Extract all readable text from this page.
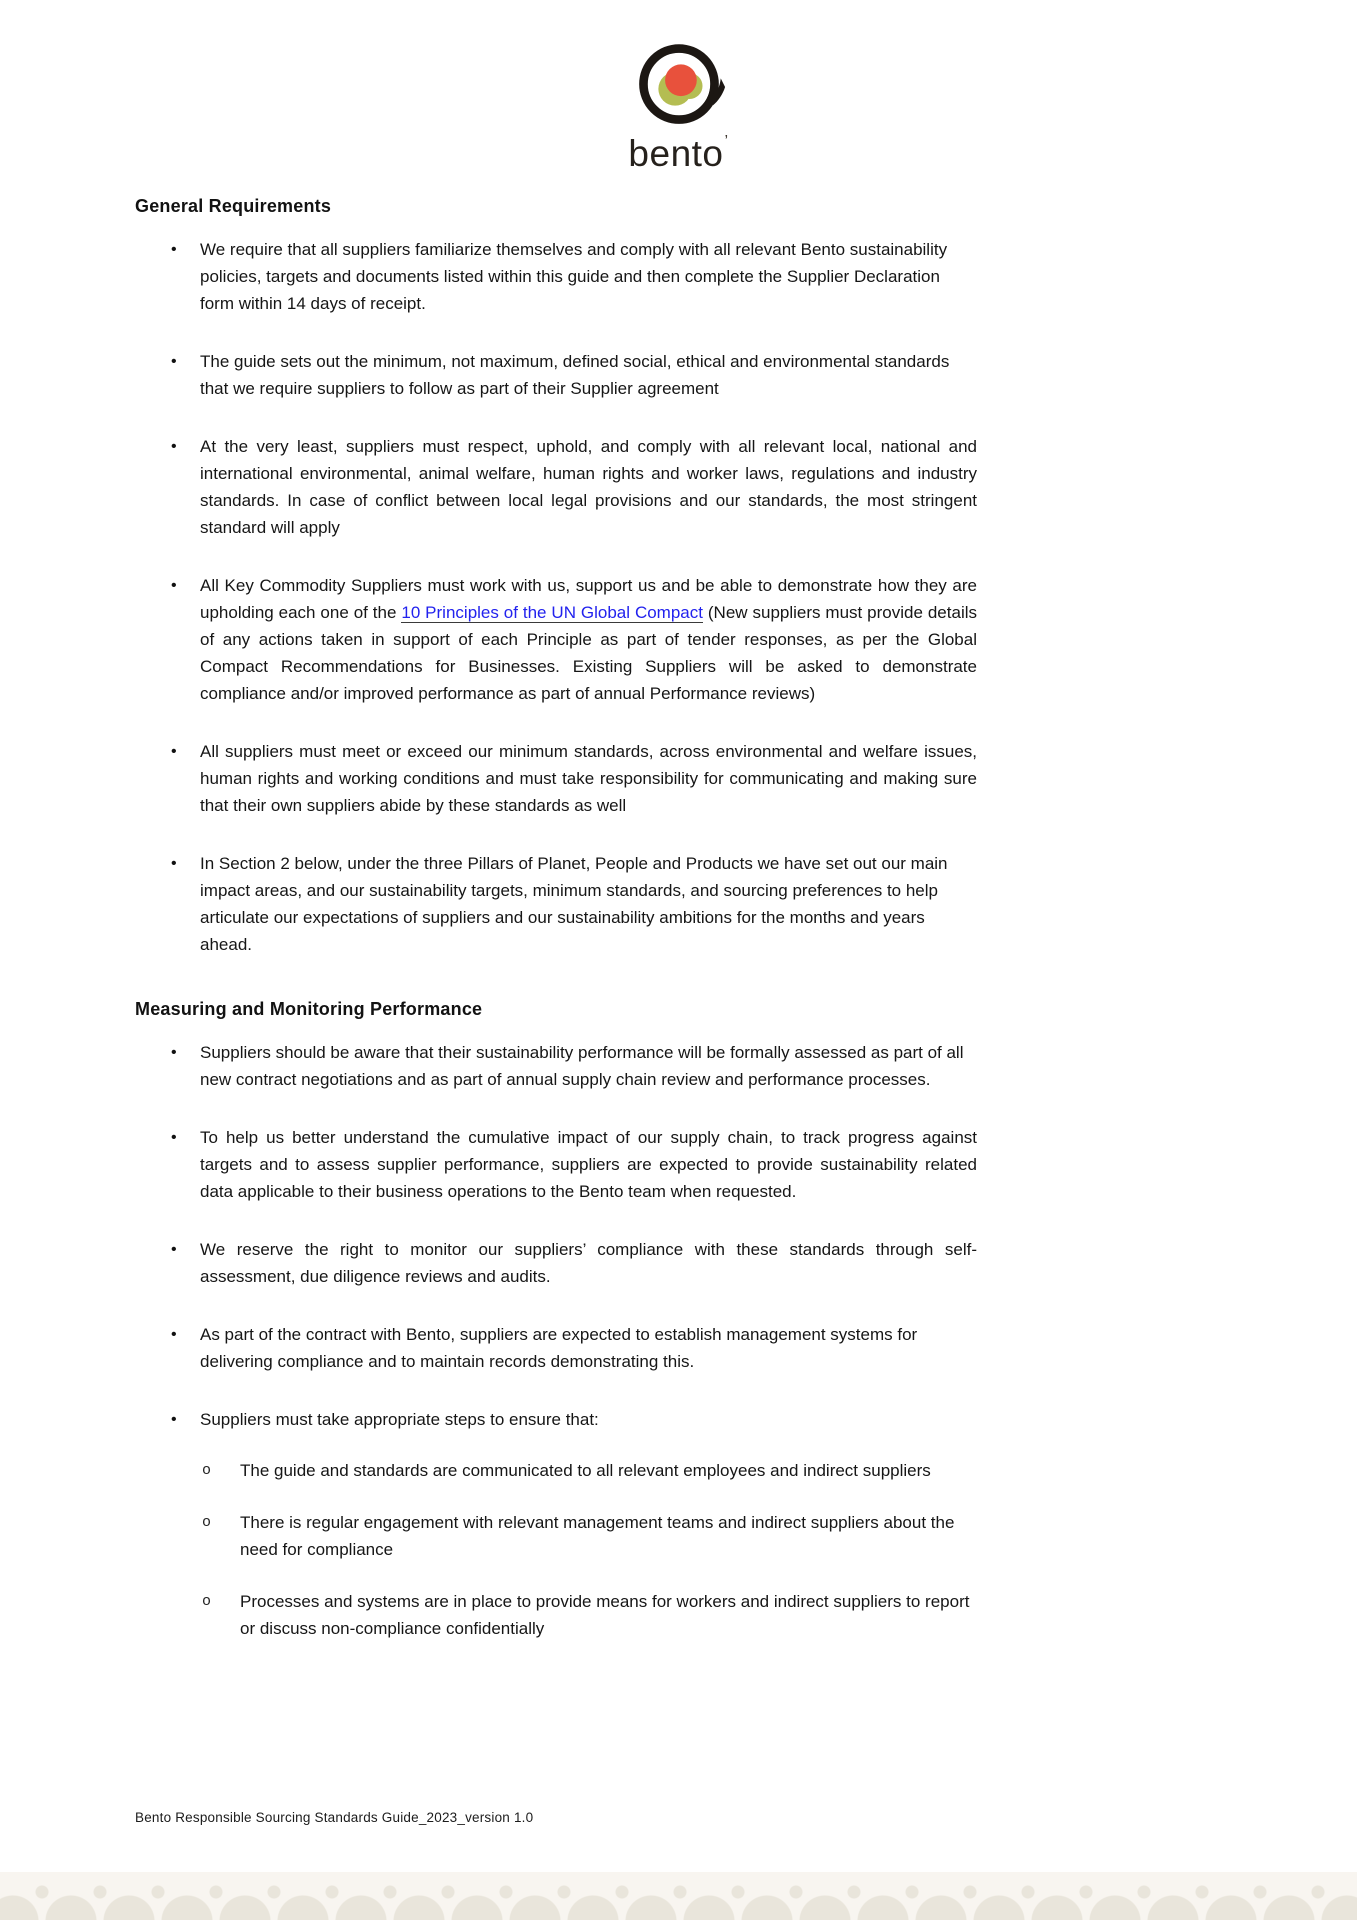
bento’
General Requirements
• We require that all suppliers familiarize themselves and comply with all relevant Bento sustainability policies, targets and documents listed within this guide and then complete the Supplier Declaration form within 14 days of receipt.
• The guide sets out the minimum, not maximum, defined social, ethical and environmental standards that we require suppliers to follow as part of their Supplier agreement
• At the very least, suppliers must respect, uphold, and comply with all relevant local, national and international environmental, animal welfare, human rights and worker laws, regulations and industry standards. In case of conflict between local legal provisions and our standards, the most stringent standard will apply
• All Key Commodity Suppliers must work with us, support us and be able to demonstrate how they are upholding each one of the 10 Principles of the UN Global Compact (New suppliers must provide details of any actions taken in support of each Principle as part of tender responses, as per the Global Compact Recommendations for Businesses. Existing Suppliers will be asked to demonstrate compliance and/or improved performance as part of annual Performance reviews)
• All suppliers must meet or exceed our minimum standards, across environmental and welfare issues, human rights and working conditions and must take responsibility for communicating and making sure that their own suppliers abide by these standards as well
• In Section 2 below, under the three Pillars of Planet, People and Products we have set out our main impact areas, and our sustainability targets, minimum standards, and sourcing preferences to help articulate our expectations of suppliers and our sustainability ambitions for the months and years ahead.
Measuring and Monitoring Performance
• Suppliers should be aware that their sustainability performance will be formally assessed as part of all new contract negotiations and as part of annual supply chain review and performance processes.
• To help us better understand the cumulative impact of our supply chain, to track progress against targets and to assess supplier performance, suppliers are expected to provide sustainability related data applicable to their business operations to the Bento team when requested.
• We reserve the right to monitor our suppliers’ compliance with these standards through self-assessment, due diligence reviews and audits.
• As part of the contract with Bento, suppliers are expected to establish management systems for delivering compliance and to maintain records demonstrating this.
• Suppliers must take appropriate steps to ensure that:
o The guide and standards are communicated to all relevant employees and indirect suppliers
o There is regular engagement with relevant management teams and indirect suppliers about the need for compliance
o Processes and systems are in place to provide means for workers and indirect suppliers to report or discuss non-compliance confidentially
Bento Responsible Sourcing Standards Guide_2023_version 1.0
